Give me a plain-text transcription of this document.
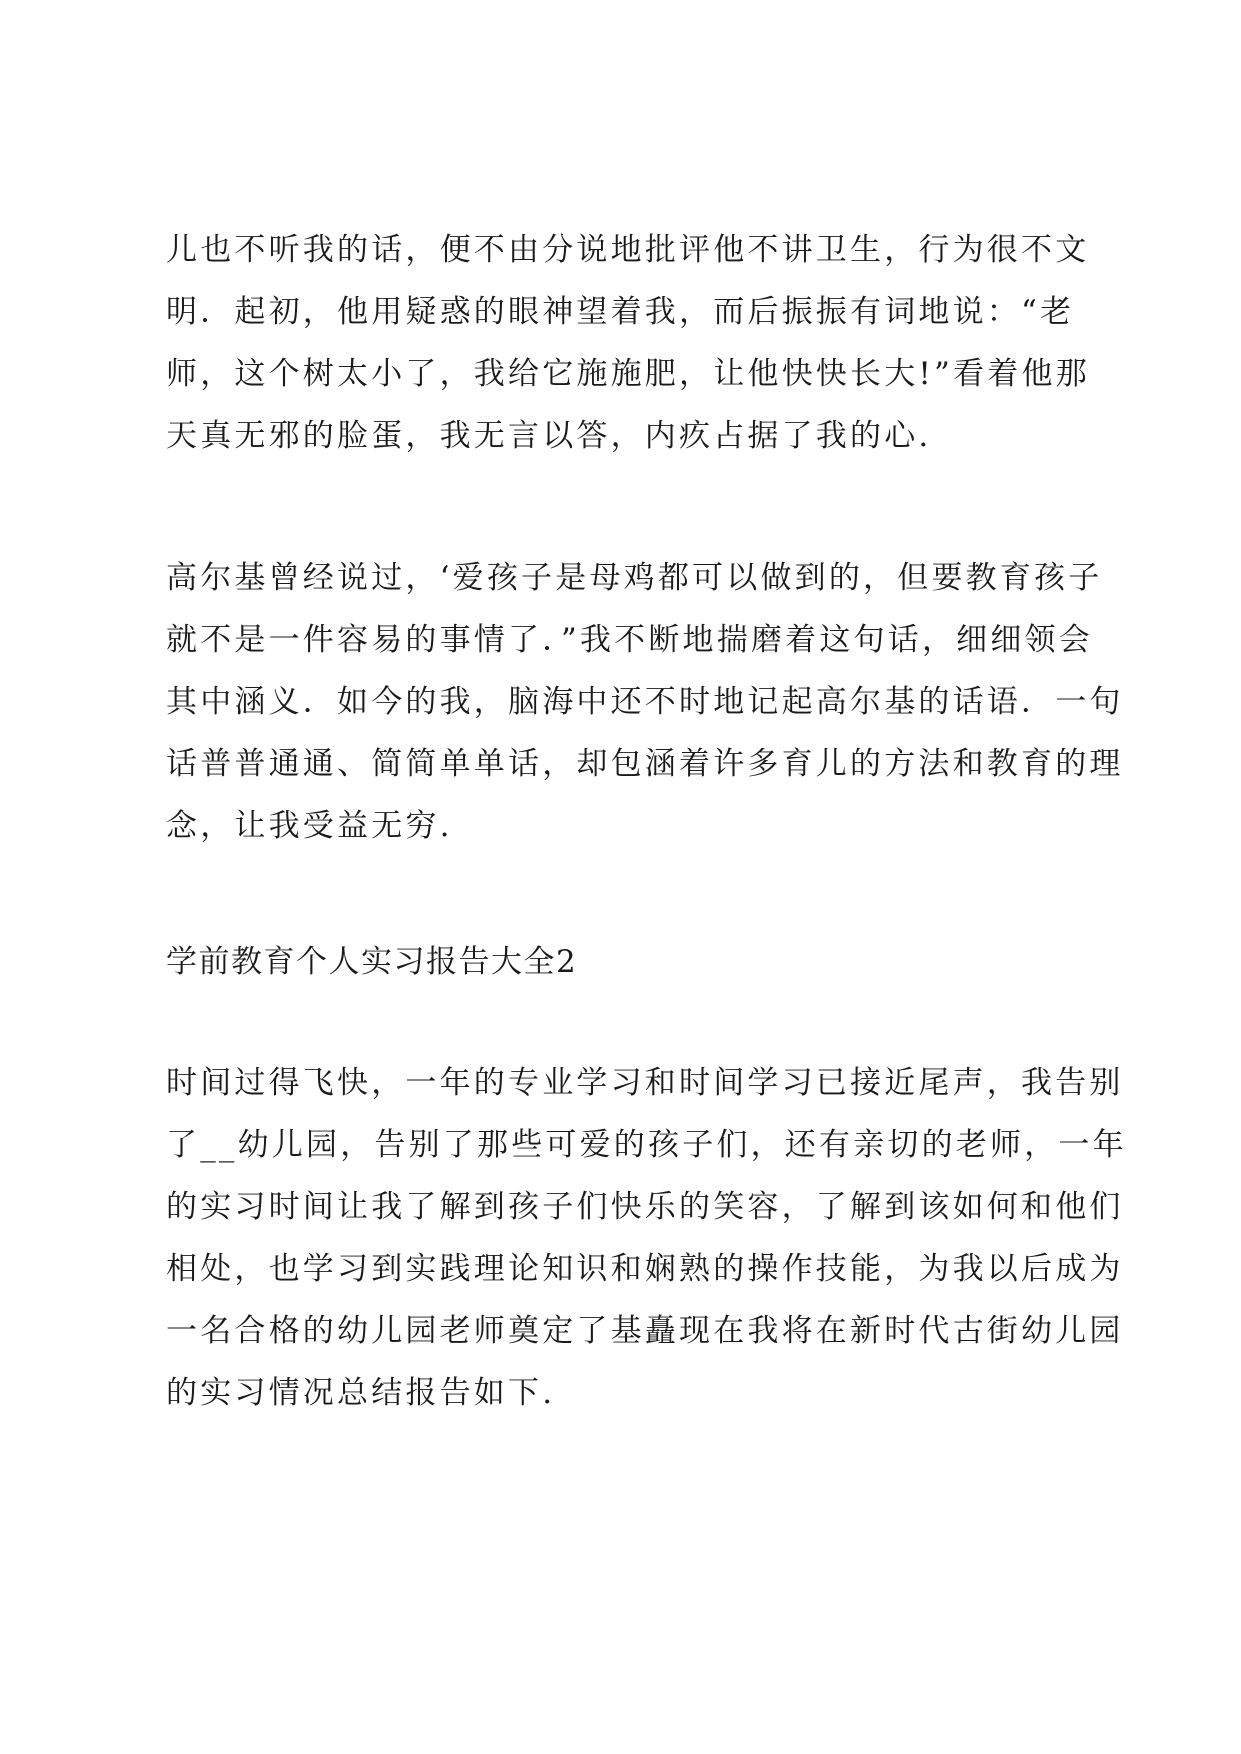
儿也不听我的话，便不由分说地批评他不讲卫生，行为很不文
明．起初，他用疑惑的眼神望着我，而后振振有词地说：“老
师，这个树太小了，我给它施施肥，让他快快长大!”看着他那
天真无邪的脸蛋，我无言以答，内疚占据了我的心.
高尔基曾经说过，‘爱孩子是母鸡都可以做到的，但要教育孩子
就不是一件容易的事情了．”我不断地揣磨着这句话，细细领会
其中涵义．如今的我，脑海中还不时地记起高尔基的话语．一句
话普普通通、简简单单话，却包涵着许多育儿的方法和教育的理
念，让我受益无穷.
学前教育个人实习报告大全2
时间过得飞快，一年的专业学习和时间学习已接近尾声，我告别
了__幼儿园，告别了那些可爱的孩子们，还有亲切的老师，一年
的实习时间让我了解到孩子们快乐的笑容，了解到该如何和他们
相处，也学习到实践理论知识和娴熟的操作技能，为我以后成为
一名合格的幼儿园老师奠定了基矗现在我将在新时代古街幼儿园
的实习情况总结报告如下.
